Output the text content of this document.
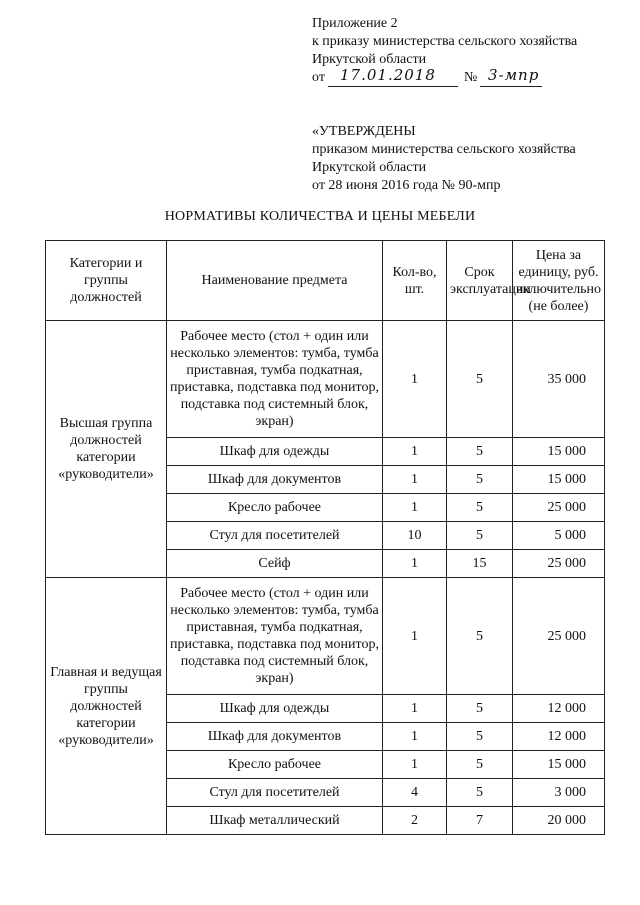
Приложение 2
к приказу министерства сельского хозяйства
Иркутской области
от 17.01.2018 № 3-мпр
«УТВЕРЖДЕНЫ
приказом министерства сельского хозяйства
Иркутской области
от 28 июня 2016 года № 90-мпр
НОРМАТИВЫ КОЛИЧЕСТВА И ЦЕНЫ МЕБЕЛИ
Категории и группы должностей	Наименование предмета	Кол-во, шт.	Срок эксплуатации	Цена за единицу, руб. включительно (не более)
Высшая группа должностей категории «руководители»	Рабочее место (стол + один или несколько элементов: тумба, тумба приставная, тумба подкатная, приставка, подставка под монитор, подставка под системный блок, экран)	1	5	35 000
	Шкаф для одежды	1	5	15 000
	Шкаф для документов	1	5	15 000
	Кресло рабочее	1	5	25 000
	Стул для посетителей	10	5	5 000
	Сейф	1	15	25 000
Главная и ведущая группы должностей категории «руководители»	Рабочее место (стол + один или несколько элементов: тумба, тумба приставная, тумба подкатная, приставка, подставка под монитор, подставка под системный блок, экран)	1	5	25 000
	Шкаф для одежды	1	5	12 000
	Шкаф для документов	1	5	12 000
	Кресло рабочее	1	5	15 000
	Стул для посетителей	4	5	3 000
	Шкаф металлический	2	7	20 000
